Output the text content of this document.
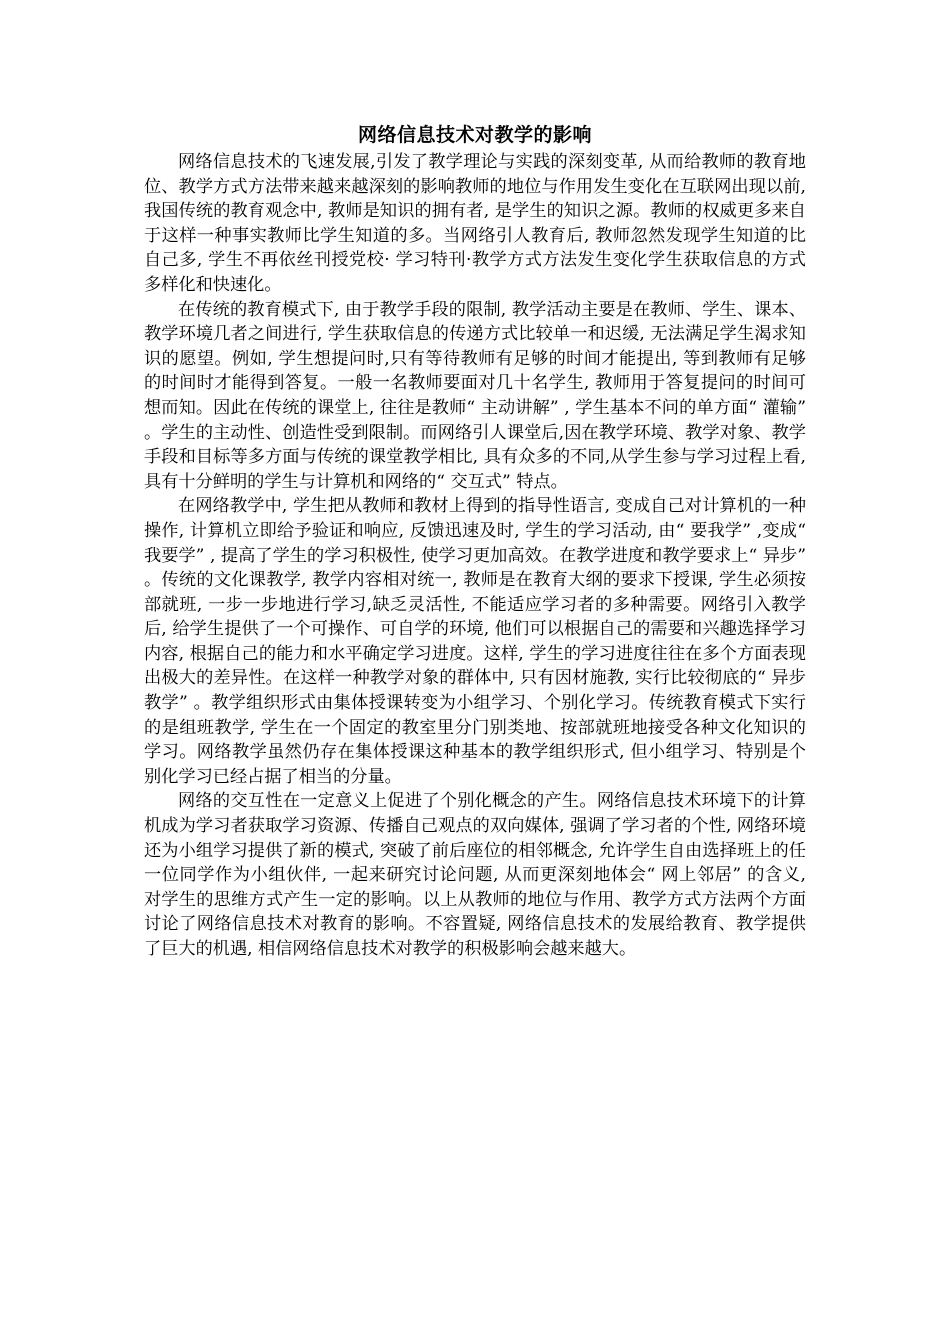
网络信息技术对教学的影响

网络信息技术的飞速发展,引发了教学理论与实践的深刻变革, 从而给教师的教育地位、教学方式方法带来越来越深刻的影响教师的地位与作用发生变化在互联网出现以前, 我国传统的教育观念中, 教师是知识的拥有者, 是学生的知识之源。教师的权威更多来自于这样一种事实教师比学生知道的多。当网络引人教育后, 教师忽然发现学生知道的比自己多, 学生不再依丝刊授党校· 学习特刊·教学方式方法发生变化学生获取信息的方式多样化和快速化。

在传统的教育模式下, 由于教学手段的限制, 教学活动主要是在教师、学生、课本、教学环境几者之间进行, 学生获取信息的传递方式比较单一和迟缓, 无法满足学生渴求知识的愿望。例如, 学生想提问时,只有等待教师有足够的时间才能提出, 等到教师有足够的时间时才能得到答复。一般一名教师要面对几十名学生, 教师用于答复提问的时间可想而知。因此在传统的课堂上, 往往是教师“ 主动讲解” , 学生基本不问的单方面“ 灌输” 。学生的主动性、创造性受到限制。而网络引人课堂后,因在教学环境、教学对象、教学手段和目标等多方面与传统的课堂教学相比, 具有众多的不同,从学生参与学习过程上看, 具有十分鲜明的学生与计算机和网络的“ 交互式” 特点。

在网络教学中, 学生把从教师和教材上得到的指导性语言, 变成自己对计算机的一种操作, 计算机立即给予验证和响应, 反馈迅速及时, 学生的学习活动, 由“ 要我学” ,变成“ 我要学” , 提高了学生的学习积极性, 使学习更加高效。在教学进度和教学要求上“ 异步” 。传统的文化课教学, 教学内容相对统一, 教师是在教育大纲的要求下授课, 学生必须按部就班, 一步一步地进行学习,缺乏灵活性, 不能适应学习者的多种需要。网络引入教学后, 给学生提供了一个可操作、可自学的环境, 他们可以根据自己的需要和兴趣选择学习内容, 根据自己的能力和水平确定学习进度。这样, 学生的学习进度往往在多个方面表现出极大的差异性。在这样一种教学对象的群体中, 只有因材施教, 实行比较彻底的“ 异步教学” 。教学组织形式由集体授课转变为小组学习、个别化学习。传统教育模式下实行的是组班教学, 学生在一个固定的教室里分门别类地、按部就班地接受各种文化知识的学习。网络教学虽然仍存在集体授课这种基本的教学组织形式, 但小组学习、特别是个别化学习已经占据了相当的分量。

网络的交互性在一定意义上促进了个别化概念的产生。网络信息技术环境下的计算机成为学习者获取学习资源、传播自己观点的双向媒体, 强调了学习者的个性, 网络环境还为小组学习提供了新的模式, 突破了前后座位的相邻概念, 允许学生自由选择班上的任一位同学作为小组伙伴, 一起来研究讨论问题, 从而更深刻地体会“ 网上邻居” 的含义, 对学生的思维方式产生一定的影响。以上从教师的地位与作用、教学方式方法两个方面讨论了网络信息技术对教育的影响。不容置疑, 网络信息技术的发展给教育、教学提供了巨大的机遇, 相信网络信息技术对教学的积极影响会越来越大。
